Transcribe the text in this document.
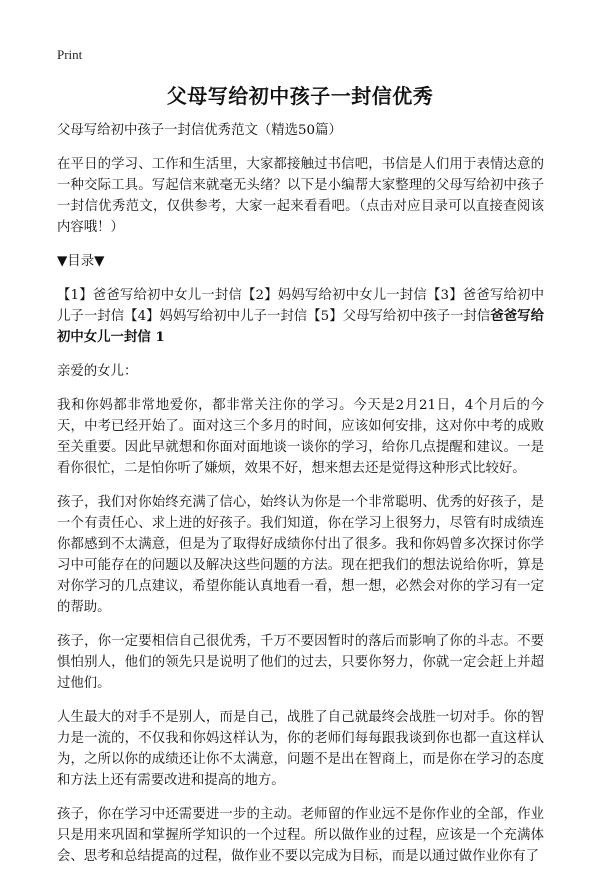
Print
父母写给初中孩子一封信优秀

父母写给初中孩子一封信优秀范文（精选50篇）

在平日的学习、工作和生活里，大家都接触过书信吧，书信是人们用于表情达意的一种交际工具。写起信来就毫无头绪？以下是小编帮大家整理的父母写给初中孩子一封信优秀范文，仅供参考，大家一起来看看吧。（点击对应目录可以直接查阅该内容哦！）

▼目录▼

【1】爸爸写给初中女儿一封信【2】妈妈写给初中女儿一封信【3】爸爸写给初中儿子一封信【4】妈妈写给初中儿子一封信【5】父母写给初中孩子一封信爸爸写给初中女儿一封信 1

亲爱的女儿：

我和你妈都非常地爱你，都非常关注你的学习。今天是2月21日，4个月后的今天，中考已经开始了。面对这三个多月的时间，应该如何安排，这对你中考的成败至关重要。因此早就想和你面对面地谈一谈你的学习，给你几点提醒和建议。一是看你很忙，二是怕你听了嫌烦，效果不好，想来想去还是觉得这种形式比较好。

孩子，我们对你始终充满了信心，始终认为你是一个非常聪明、优秀的好孩子，是一个有责任心、求上进的好孩子。我们知道，你在学习上很努力，尽管有时成绩连你都感到不太满意，但是为了取得好成绩你付出了很多。我和你妈曾多次探讨你学习中可能存在的问题以及解决这些问题的方法。现在把我们的想法说给你听，算是对你学习的几点建议，希望你能认真地看一看，想一想，必然会对你的学习有一定的帮助。

孩子，你一定要相信自己很优秀，千万不要因暂时的落后而影响了你的斗志。不要惧怕别人，他们的领先只是说明了他们的过去，只要你努力，你就一定会赶上并超过他们。

人生最大的对手不是别人，而是自己，战胜了自己就最终会战胜一切对手。你的智力是一流的，不仅我和你妈这样认为，你的老师们每每跟我谈到你也都一直这样认为，之所以你的成绩还让你不太满意，问题不是出在智商上，而是你在学习的态度和方法上还有需要改进和提高的地方。

孩子，你在学习中还需要进一步的主动。老师留的作业远不是你作业的全部，作业只是用来巩固和掌握所学知识的一个过程。所以做作业的过程，应该是一个充满体会、思考和总结提高的过程，做作业不要以完成为目标，而是以通过做作业你有了
